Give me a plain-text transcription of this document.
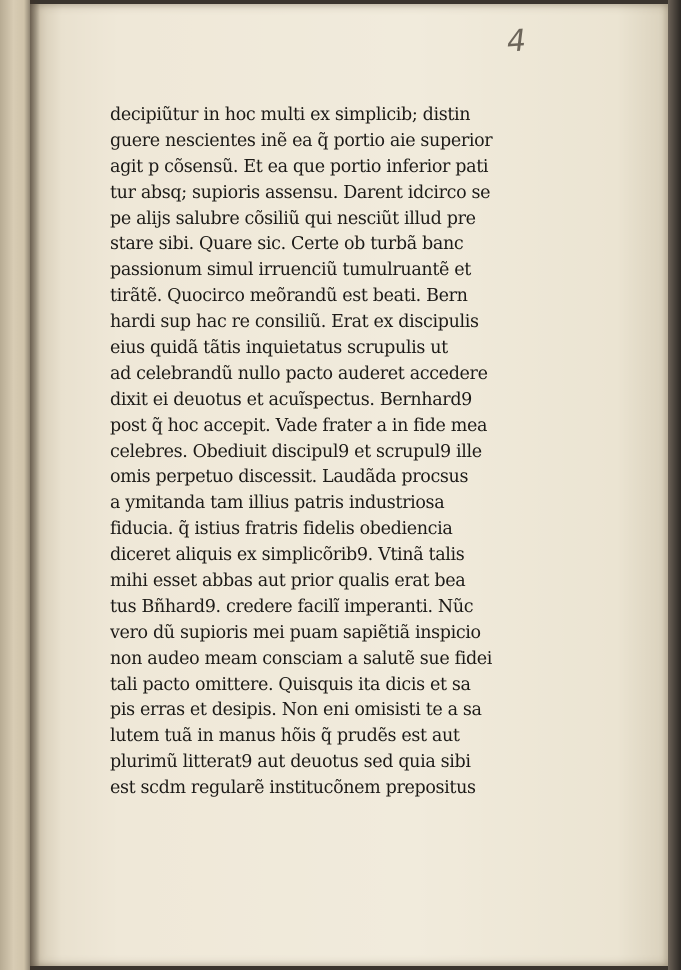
4
decipiũtur in hoc multi ex simplicib; distin
guere nescientes inẽ ea q̃ portio aie superior
agit p cõsensũ. Et ea que portio inferior pati
tur absq; supioris assensu. Darent idcirco se
pe alijs salubre cõsiliũ qui nesciũt illud pre
stare sibi. Quare sic. Certe ob turbã banc
passionum simul irruenciũ tumulruantẽ et
tirãtẽ. Quocirco meõrandũ est beati. Bern
hardi sup hac re consiliũ. Erat ex discipulis
eius quidã tãtis inquietatus scrupulis ut
ad celebrandũ nullo pacto auderet accedere
dixit ei deuotus et acuĩspectus. Bernhard9
post q̃ hoc accepit. Vade frater a in fide mea
celebres. Obediuit discipul9 et scrupul9 ille
omis perpetuo discessit. Laudãda procsus
a ymitanda tam illius patris industriosa
fiducia. q̃ istius fratris fidelis obediencia
diceret aliquis ex simplicõrib9. Vtinã talis
mihi esset abbas aut prior qualis erat bea
tus Bñhard9. credere facilĩ imperanti. Nũc
vero dũ supioris mei puam sapiẽtiã inspicio
non audeo meam consciam a salutẽ sue fidei
tali pacto omittere. Quisquis ita dicis et sa
pis erras et desipis. Non eni omisisti te a sa
lutem tuã in manus hõis q̃ prudẽs est aut
plurimũ litterat9 aut deuotus sed quia sibi
est scdm regularẽ institucõnem prepositus
